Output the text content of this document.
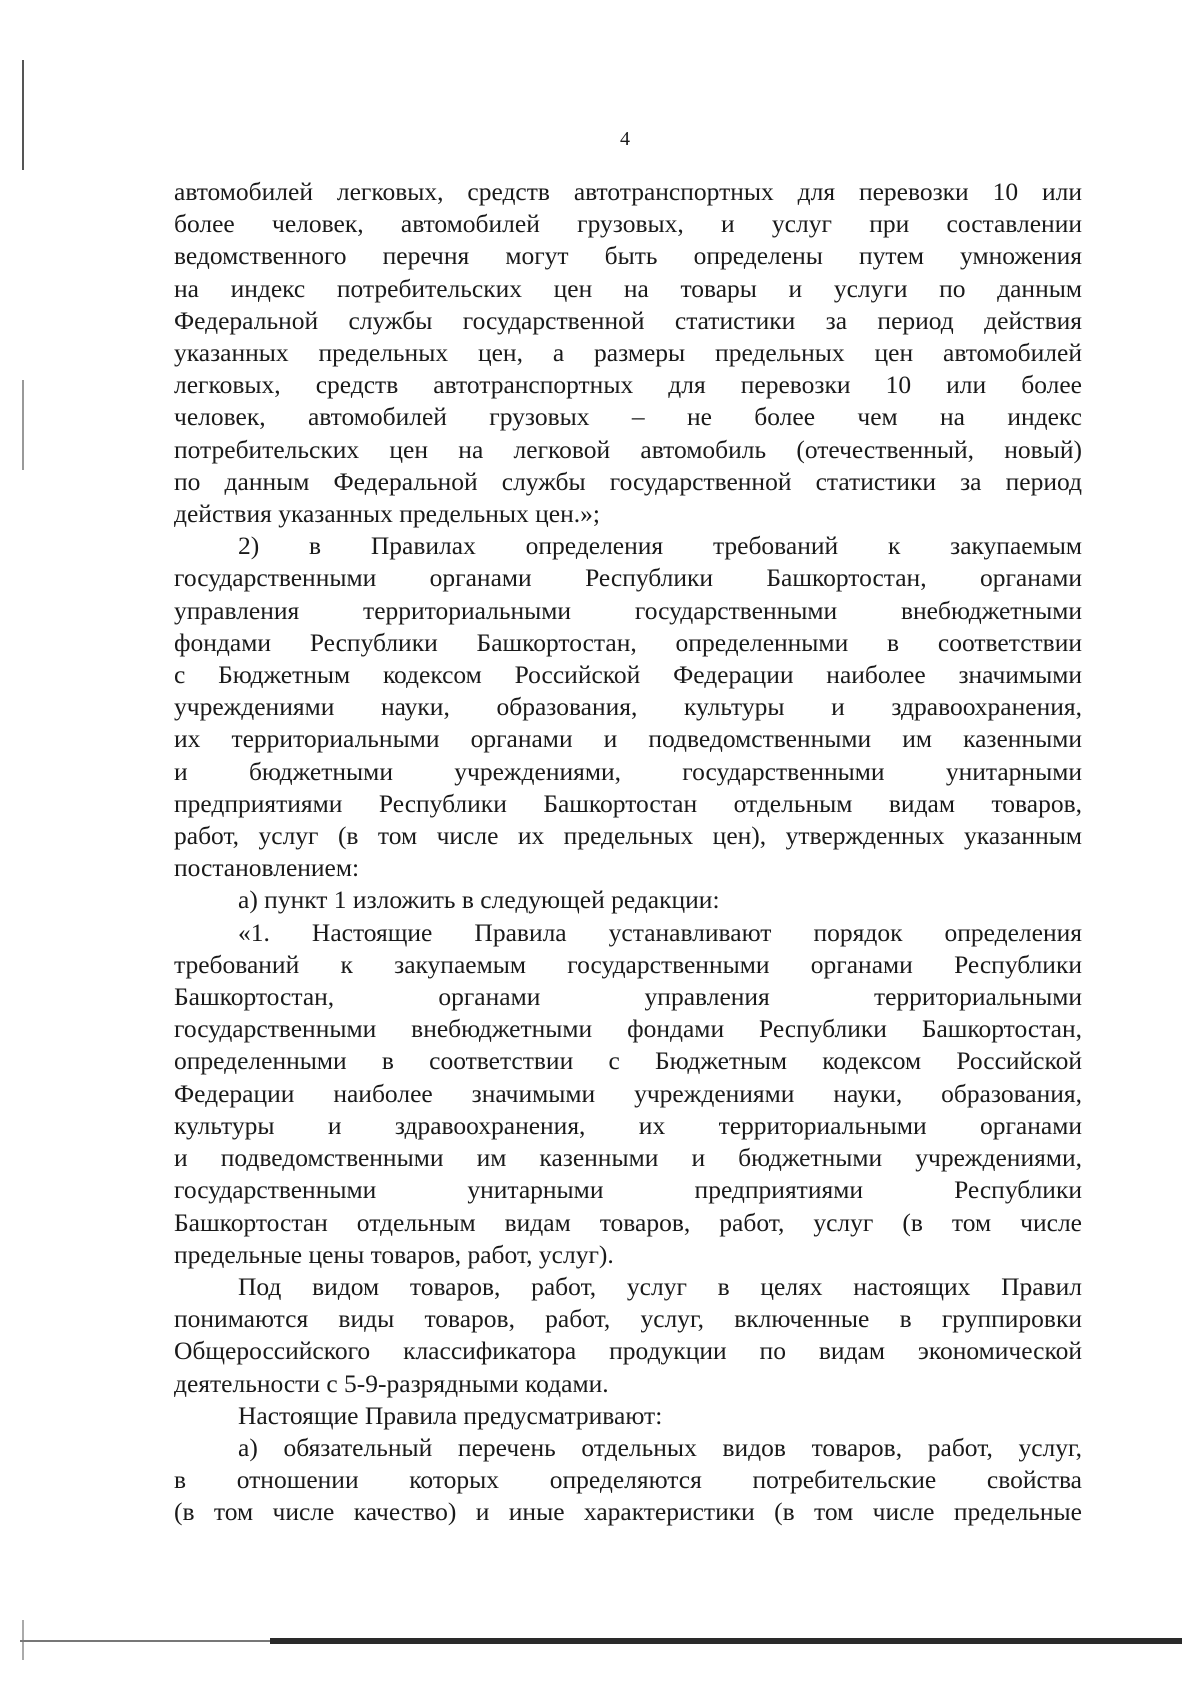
4
автомобилей легковых, средств автотранспортных для перевозки 10 или
более человек, автомобилей грузовых, и услуг при составлении
ведомственного перечня могут быть определены путем умножения
на индекс потребительских цен на товары и услуги по данным
Федеральной службы государственной статистики за период действия
указанных предельных цен, а размеры предельных цен автомобилей
легковых, средств автотранспортных для перевозки 10 или более
человек, автомобилей грузовых – не более чем на индекс
потребительских цен на легковой автомобиль (отечественный, новый)
по данным Федеральной службы государственной статистики за период
действия указанных предельных цен.»;
2) в Правилах определения требований к закупаемым
государственными органами Республики Башкортостан, органами
управления территориальными государственными внебюджетными
фондами Республики Башкортостан, определенными в соответствии
с Бюджетным кодексом Российской Федерации наиболее значимыми
учреждениями науки, образования, культуры и здравоохранения,
их территориальными органами и подведомственными им казенными
и бюджетными учреждениями, государственными унитарными
предприятиями Республики Башкортостан отдельным видам товаров,
работ, услуг (в том числе их предельных цен), утвержденных указанным
постановлением:
а) пункт 1 изложить в следующей редакции:
«1. Настоящие Правила устанавливают порядок определения
требований к закупаемым государственными органами Республики
Башкортостан, органами управления территориальными
государственными внебюджетными фондами Республики Башкортостан,
определенными в соответствии с Бюджетным кодексом Российской
Федерации наиболее значимыми учреждениями науки, образования,
культуры и здравоохранения, их территориальными органами
и подведомственными им казенными и бюджетными учреждениями,
государственными унитарными предприятиями Республики
Башкортостан отдельным видам товаров, работ, услуг (в том числе
предельные цены товаров, работ, услуг).
Под видом товаров, работ, услуг в целях настоящих Правил
понимаются виды товаров, работ, услуг, включенные в группировки
Общероссийского классификатора продукции по видам экономической
деятельности с 5-9-разрядными кодами.
Настоящие Правила предусматривают:
а) обязательный перечень отдельных видов товаров, работ, услуг,
в отношении которых определяются потребительские свойства
(в том числе качество) и иные характеристики (в том числе предельные
